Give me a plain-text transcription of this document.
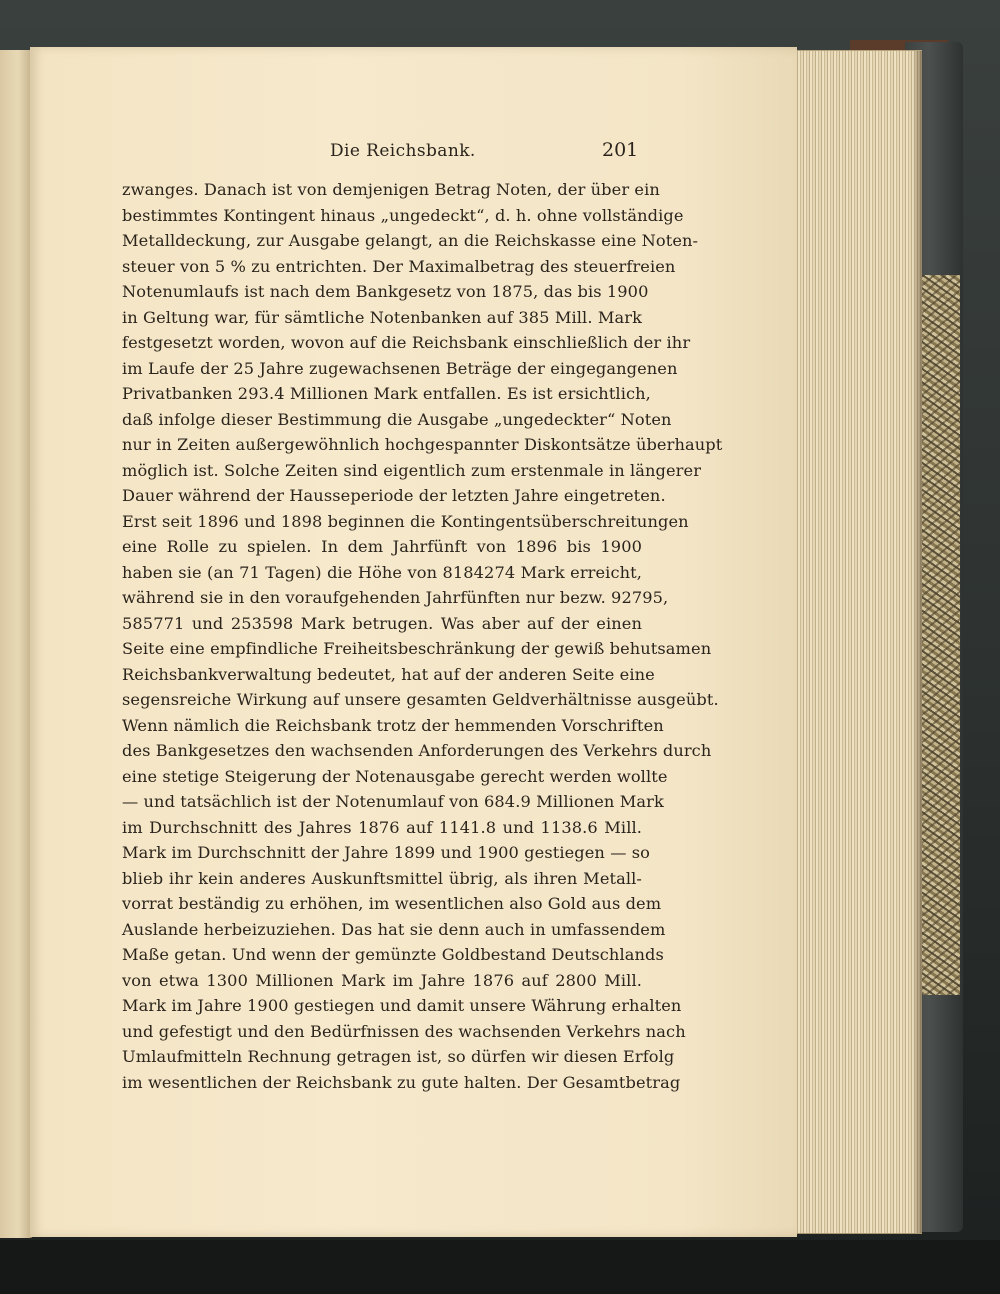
Die Reichsbank.	201
zwanges. Danach ist von demjenigen Betrag Noten, der über ein
bestimmtes Kontingent hinaus „ungedeckt“, d. h. ohne vollständige
Metalldeckung, zur Ausgabe gelangt, an die Reichskasse eine Noten-
steuer von 5 % zu entrichten. Der Maximalbetrag des steuerfreien
Notenumlaufs ist nach dem Bankgesetz von 1875, das bis 1900
in Geltung war, für sämtliche Notenbanken auf 385 Mill. Mark
festgesetzt worden, wovon auf die Reichsbank einschließlich der ihr
im Laufe der 25 Jahre zugewachsenen Beträge der eingegangenen
Privatbanken 293.4 Millionen Mark entfallen. Es ist ersichtlich,
daß infolge dieser Bestimmung die Ausgabe „ungedeckter“ Noten
nur in Zeiten außergewöhnlich hochgespannter Diskontsätze überhaupt
möglich ist. Solche Zeiten sind eigentlich zum erstenmale in längerer
Dauer während der Hausseperiode der letzten Jahre eingetreten.
Erst seit 1896 und 1898 beginnen die Kontingentsüberschreitungen
eine Rolle zu spielen. In dem Jahrfünft von 1896 bis 1900
haben sie (an 71 Tagen) die Höhe von 8184274 Mark erreicht,
während sie in den voraufgehenden Jahrfünften nur bezw. 92795,
585771 und 253598 Mark betrugen. Was aber auf der einen
Seite eine empfindliche Freiheitsbeschränkung der gewiß behutsamen
Reichsbankverwaltung bedeutet, hat auf der anderen Seite eine
segensreiche Wirkung auf unsere gesamten Geldverhältnisse ausgeübt.
Wenn nämlich die Reichsbank trotz der hemmenden Vorschriften
des Bankgesetzes den wachsenden Anforderungen des Verkehrs durch
eine stetige Steigerung der Notenausgabe gerecht werden wollte
— und tatsächlich ist der Notenumlauf von 684.9 Millionen Mark
im Durchschnitt des Jahres 1876 auf 1141.8 und 1138.6 Mill.
Mark im Durchschnitt der Jahre 1899 und 1900 gestiegen — so
blieb ihr kein anderes Auskunftsmittel übrig, als ihren Metall-
vorrat beständig zu erhöhen, im wesentlichen also Gold aus dem
Auslande herbeizuziehen. Das hat sie denn auch in umfassendem
Maße getan. Und wenn der gemünzte Goldbestand Deutschlands
von etwa 1300 Millionen Mark im Jahre 1876 auf 2800 Mill.
Mark im Jahre 1900 gestiegen und damit unsere Währung erhalten
und gefestigt und den Bedürfnissen des wachsenden Verkehrs nach
Umlaufmitteln Rechnung getragen ist, so dürfen wir diesen Erfolg
im wesentlichen der Reichsbank zu gute halten. Der Gesamtbetrag
